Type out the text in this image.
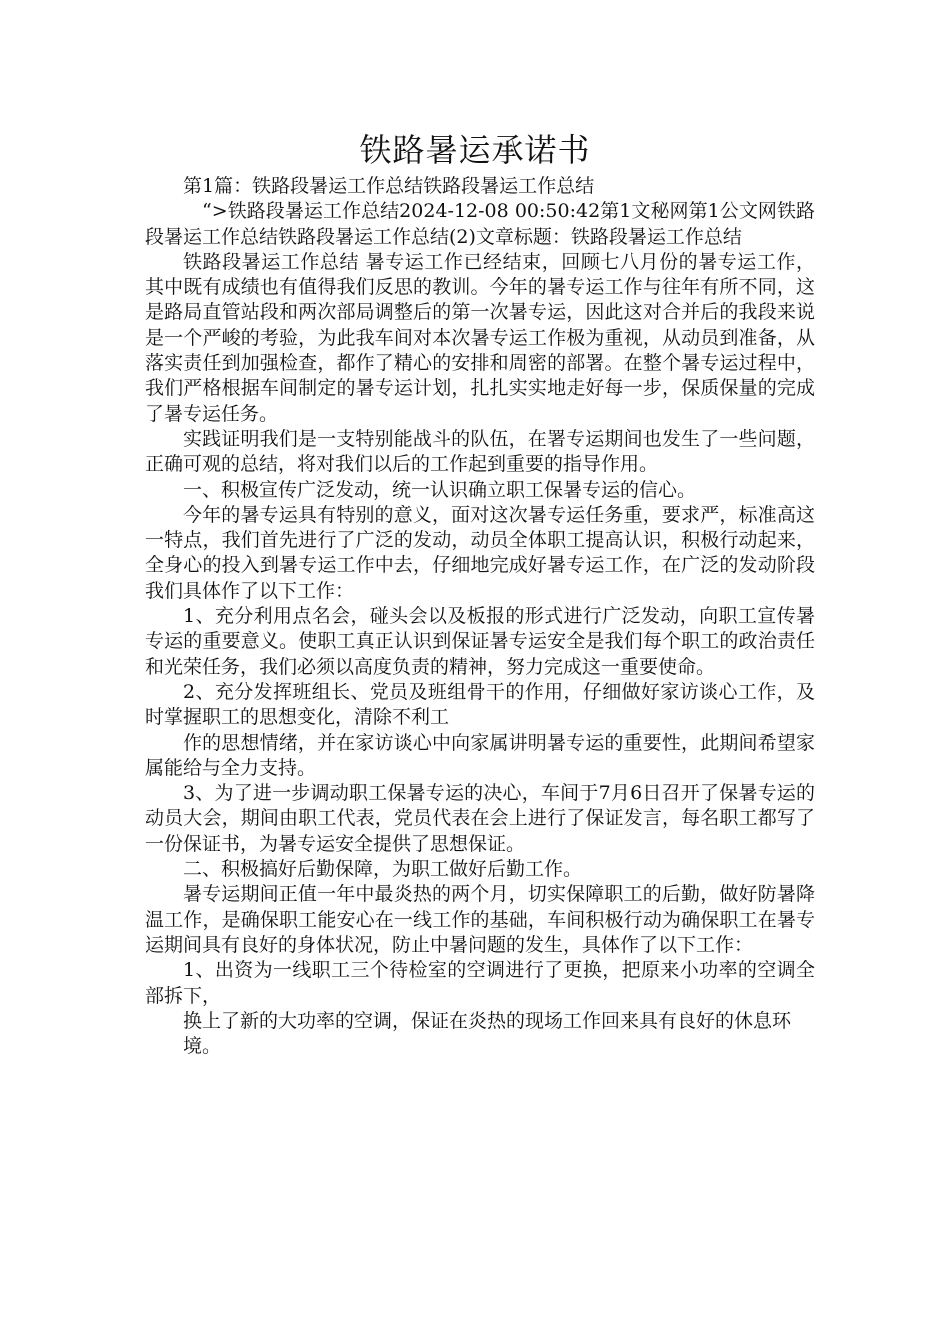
铁路暑运承诺书

第1篇：铁路段暑运工作总结铁路段暑运工作总结

“>铁路段暑运工作总结2024-12-08 00:50:42第1文秘网第1公文网铁路段暑运工作总结铁路段暑运工作总结(2)文章标题：铁路段暑运工作总结

铁路段暑运工作总结 暑专运工作已经结束，回顾七八月份的暑专运工作，其中既有成绩也有值得我们反思的教训。今年的暑专运工作与往年有所不同，这是路局直管站段和两次部局调整后的第一次暑专运，因此这对合并后的我段来说是一个严峻的考验，为此我车间对本次暑专运工作极为重视，从动员到准备，从落实责任到加强检查，都作了精心的安排和周密的部署。在整个暑专运过程中，我们严格根据车间制定的暑专运计划，扎扎实实地走好每一步，保质保量的完成了暑专运任务。

实践证明我们是一支特别能战斗的队伍，在署专运期间也发生了一些问题，正确可观的总结，将对我们以后的工作起到重要的指导作用。

一、积极宣传广泛发动，统一认识确立职工保暑专运的信心。

今年的暑专运具有特别的意义，面对这次暑专运任务重，要求严，标准高这一特点，我们首先进行了广泛的发动，动员全体职工提高认识，积极行动起来，全身心的投入到暑专运工作中去，仔细地完成好暑专运工作，在广泛的发动阶段我们具体作了以下工作：

1、充分利用点名会，碰头会以及板报的形式进行广泛发动，向职工宣传暑专运的重要意义。使职工真正认识到保证暑专运安全是我们每个职工的政治责任和光荣任务，我们必须以高度负责的精神，努力完成这一重要使命。

2、充分发挥班组长、党员及班组骨干的作用，仔细做好家访谈心工作，及时掌握职工的思想变化，清除不利工

作的思想情绪，并在家访谈心中向家属讲明暑专运的重要性，此期间希望家属能给与全力支持。

3、为了进一步调动职工保暑专运的决心，车间于7月6日召开了保暑专运的动员大会，期间由职工代表，党员代表在会上进行了保证发言，每名职工都写了一份保证书，为暑专运安全提供了思想保证。

二、积极搞好后勤保障，为职工做好后勤工作。

暑专运期间正值一年中最炎热的两个月，切实保障职工的后勤，做好防暑降温工作，是确保职工能安心在一线工作的基础，车间积极行动为确保职工在暑专运期间具有良好的身体状况，防止中暑问题的发生，具体作了以下工作：

1、出资为一线职工三个待检室的空调进行了更换，把原来小功率的空调全部拆下，

换上了新的大功率的空调，保证在炎热的现场工作回来具有良好的休息环

境。
